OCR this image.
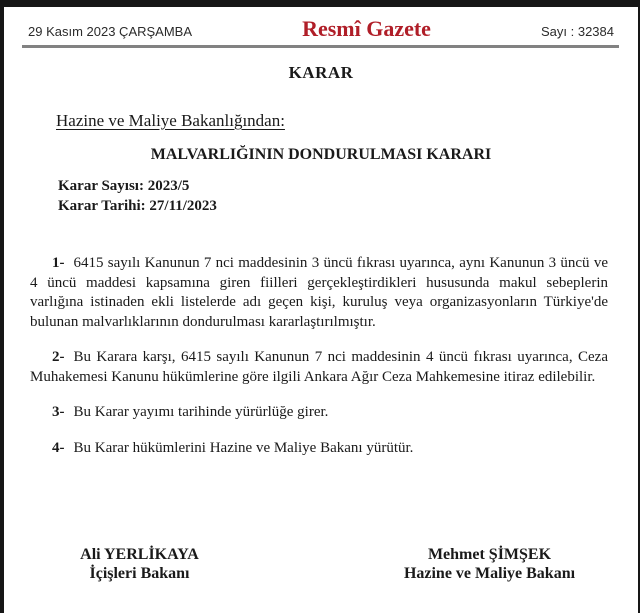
29 Kasım 2023 ÇARŞAMBA	Resmî Gazete	Sayı : 32384
KARAR
Hazine ve Maliye Bakanlığından:
MALVARLIĞININ DONDURULMASI KARARI
Karar Sayısı: 2023/5
Karar Tarihi: 27/11/2023

1- 6415 sayılı Kanunun 7 nci maddesinin 3 üncü fıkrası uyarınca, aynı Kanunun 3 üncü ve 4 üncü maddesi kapsamına giren fiilleri gerçekleştirdikleri hususunda makul sebeplerin varlığına istinaden ekli listelerde adı geçen kişi, kuruluş veya organizasyonların Türkiye'de bulunan malvarlıklarının dondurulması kararlaştırılmıştır.

2- Bu Karara karşı, 6415 sayılı Kanunun 7 nci maddesinin 4 üncü fıkrası uyarınca, Ceza Muhakemesi Kanunu hükümlerine göre ilgili Ankara Ağır Ceza Mahkemesine itiraz edilebilir.

3- Bu Karar yayımı tarihinde yürürlüğe girer.

4- Bu Karar hükümlerini Hazine ve Maliye Bakanı yürütür.

Ali YERLİKAYA
İçişleri Bakanı
Mehmet ŞİMŞEK
Hazine ve Maliye Bakanı
